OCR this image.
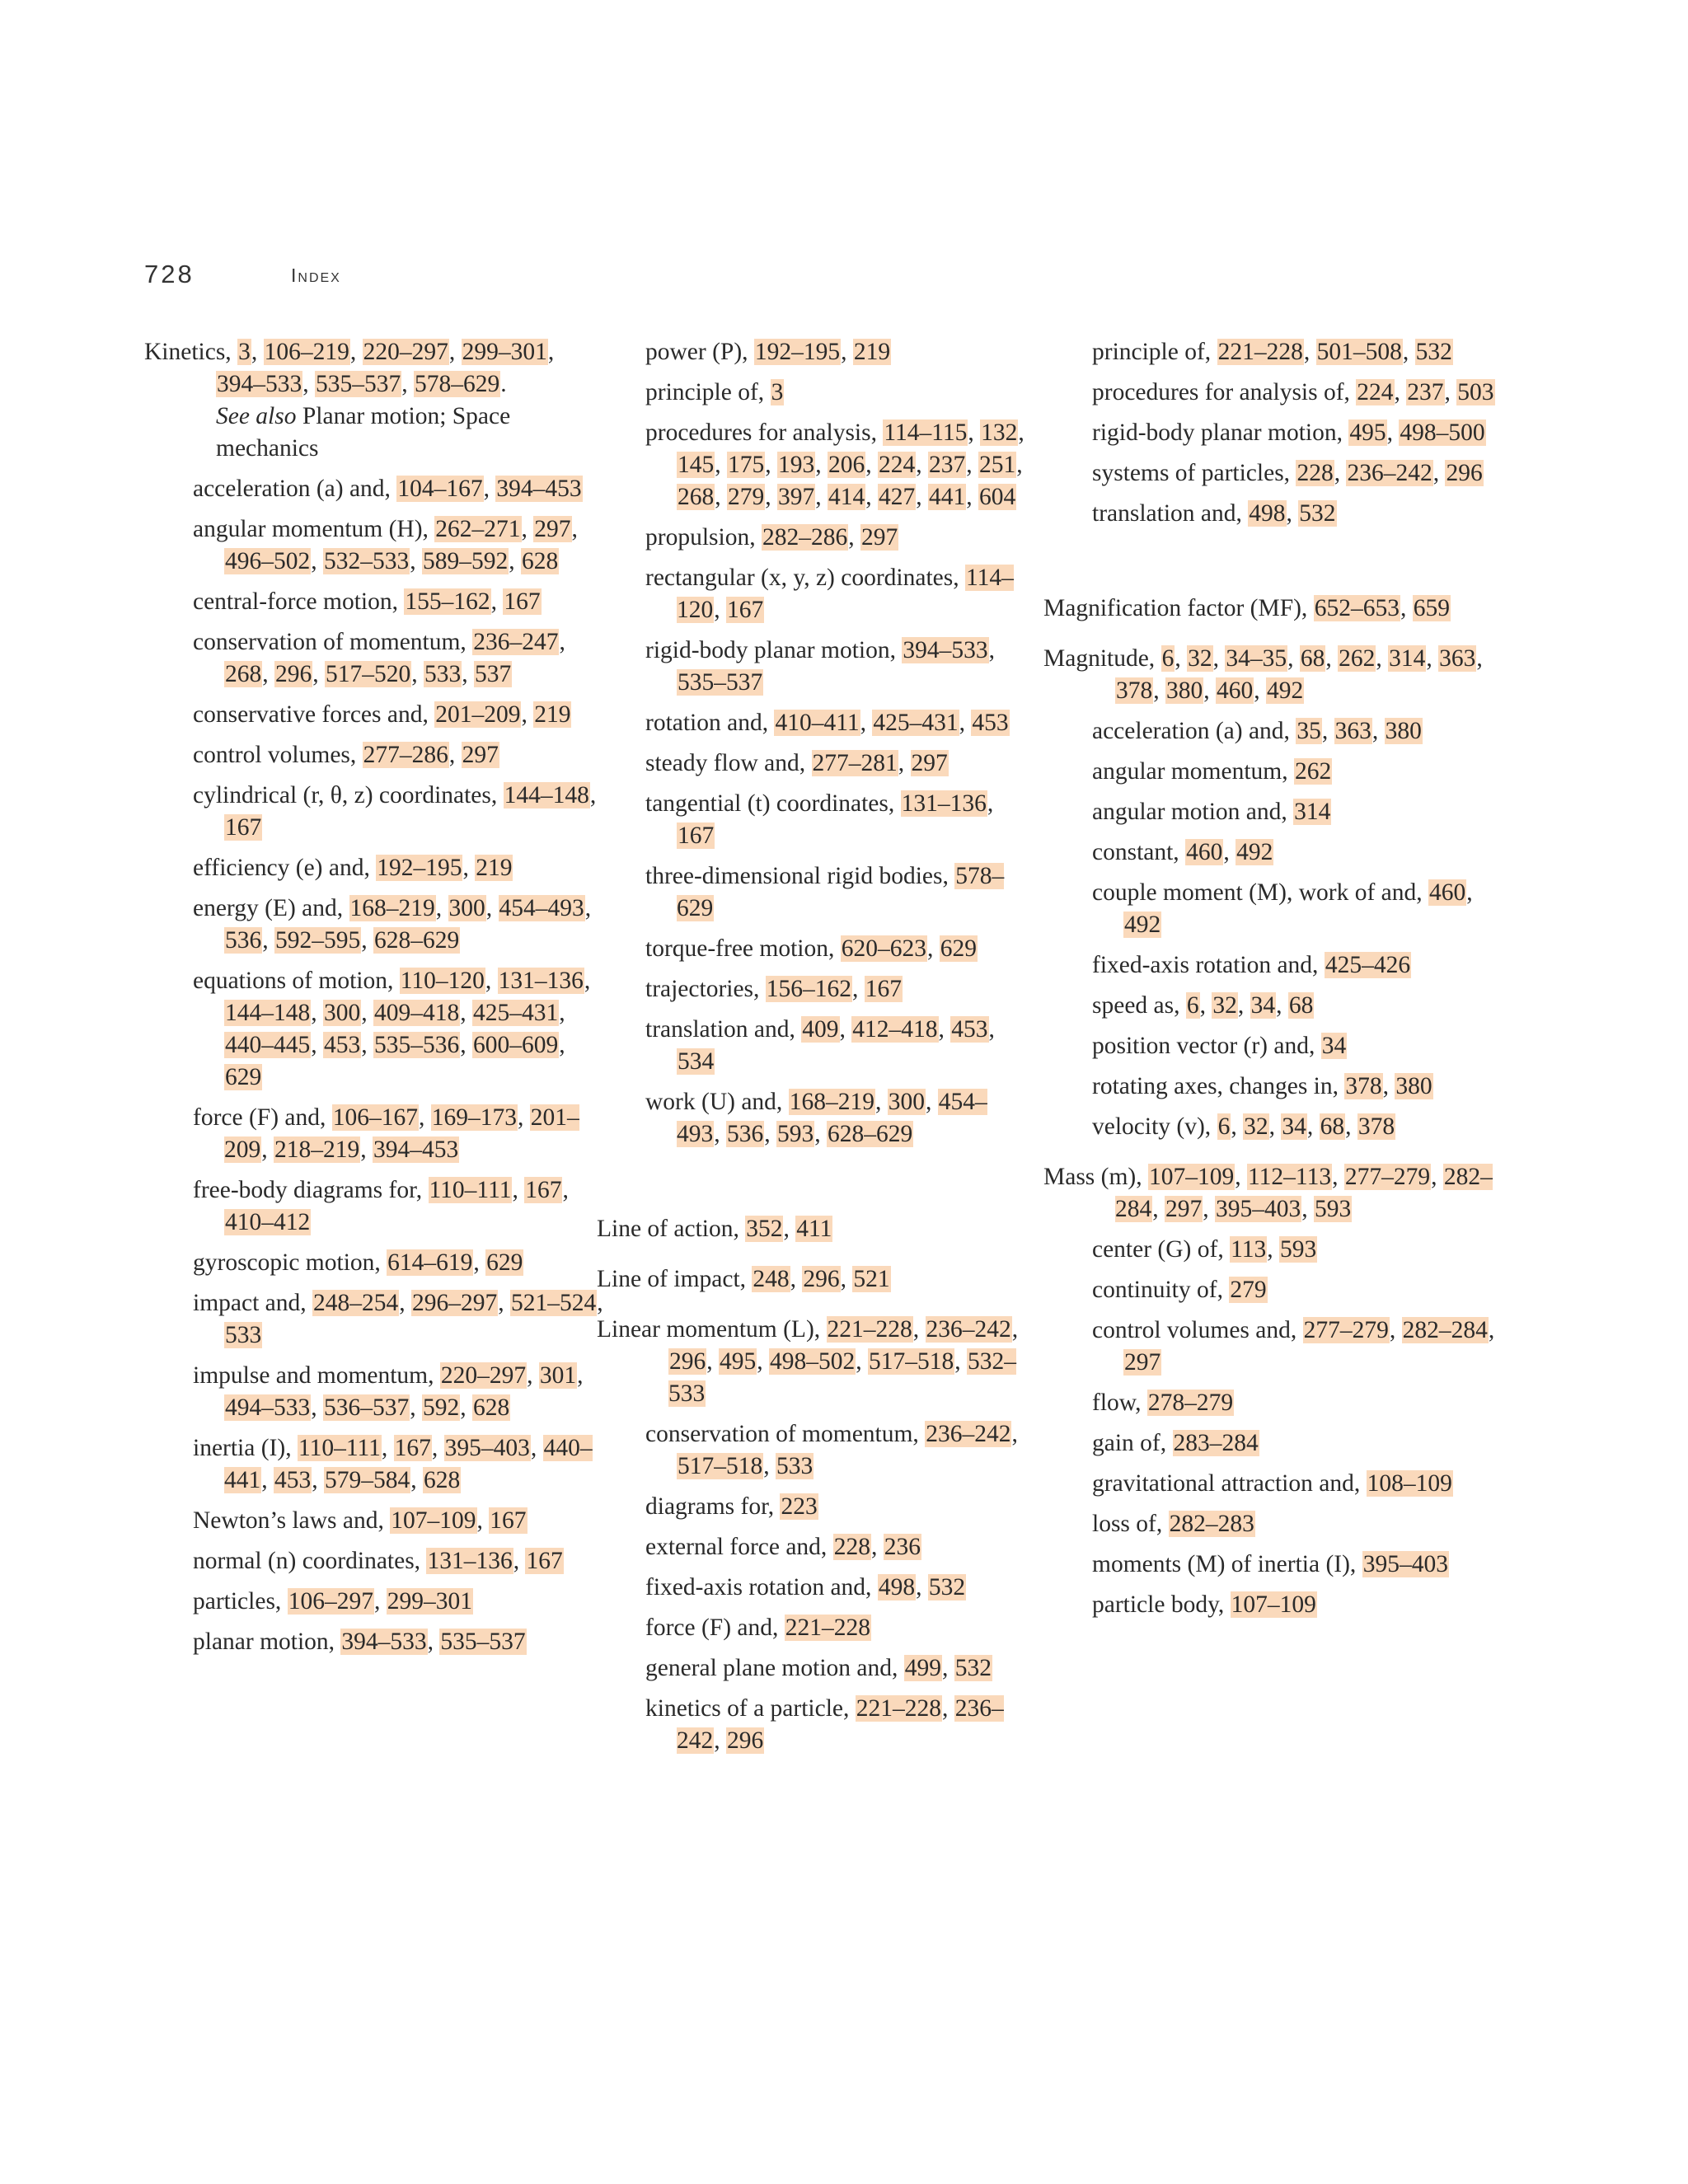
728	Index
Kinetics, 3, 106–219, 220–297, 299–301, 394–533, 535–537, 578–629.
See also Planar motion; Space mechanics
acceleration (a) and, 104–167, 394–453
angular momentum (H), 262–271, 297, 496–502, 532–533, 589–592, 628
central-force motion, 155–162, 167
conservation of momentum, 236–247, 268, 296, 517–520, 533, 537
conservative forces and, 201–209, 219
control volumes, 277–286, 297
cylindrical (r, θ, z) coordinates, 144–148, 167
efficiency (e) and, 192–195, 219
energy (E) and, 168–219, 300, 454–493, 536, 592–595, 628–629
equations of motion, 110–120, 131–136, 144–148, 300, 409–418, 425–431, 440–445, 453, 535–536, 600–609, 629
force (F) and, 106–167, 169–173, 201–209, 218–219, 394–453
free-body diagrams for, 110–111, 167, 410–412
gyroscopic motion, 614–619, 629
impact and, 248–254, 296–297, 521–524, 533
impulse and momentum, 220–297, 301, 494–533, 536–537, 592, 628
inertia (I), 110–111, 167, 395–403, 440–441, 453, 579–584, 628
Newton’s laws and, 107–109, 167
normal (n) coordinates, 131–136, 167
particles, 106–297, 299–301
planar motion, 394–533, 535–537
power (P), 192–195, 219
principle of, 3
procedures for analysis, 114–115, 132, 145, 175, 193, 206, 224, 237, 251, 268, 279, 397, 414, 427, 441, 604
propulsion, 282–286, 297
rectangular (x, y, z) coordinates, 114–120, 167
rigid-body planar motion, 394–533, 535–537
rotation and, 410–411, 425–431, 453
steady flow and, 277–281, 297
tangential (t) coordinates, 131–136, 167
three-dimensional rigid bodies, 578–629
torque-free motion, 620–623, 629
trajectories, 156–162, 167
translation and, 409, 412–418, 453, 534
work (U) and, 168–219, 300, 454–493, 536, 593, 628–629
Line of action, 352, 411
Line of impact, 248, 296, 521
Linear momentum (L), 221–228, 236–242, 296, 495, 498–502, 517–518, 532–533
conservation of momentum, 236–242, 517–518, 533
diagrams for, 223
external force and, 228, 236
fixed-axis rotation and, 498, 532
force (F) and, 221–228
general plane motion and, 499, 532
kinetics of a particle, 221–228, 236–242, 296
principle of, 221–228, 501–508, 532
procedures for analysis of, 224, 237, 503
rigid-body planar motion, 495, 498–500
systems of particles, 228, 236–242, 296
translation and, 498, 532
Magnification factor (MF), 652–653, 659
Magnitude, 6, 32, 34–35, 68, 262, 314, 363, 378, 380, 460, 492
acceleration (a) and, 35, 363, 380
angular momentum, 262
angular motion and, 314
constant, 460, 492
couple moment (M), work of and, 460, 492
fixed-axis rotation and, 425–426
speed as, 6, 32, 34, 68
position vector (r) and, 34
rotating axes, changes in, 378, 380
velocity (v), 6, 32, 34, 68, 378
Mass (m), 107–109, 112–113, 277–279, 282–284, 297, 395–403, 593
center (G) of, 113, 593
continuity of, 279
control volumes and, 277–279, 282–284, 297
flow, 278–279
gain of, 283–284
gravitational attraction and, 108–109
loss of, 282–283
moments (M) of inertia (I), 395–403
particle body, 107–109
